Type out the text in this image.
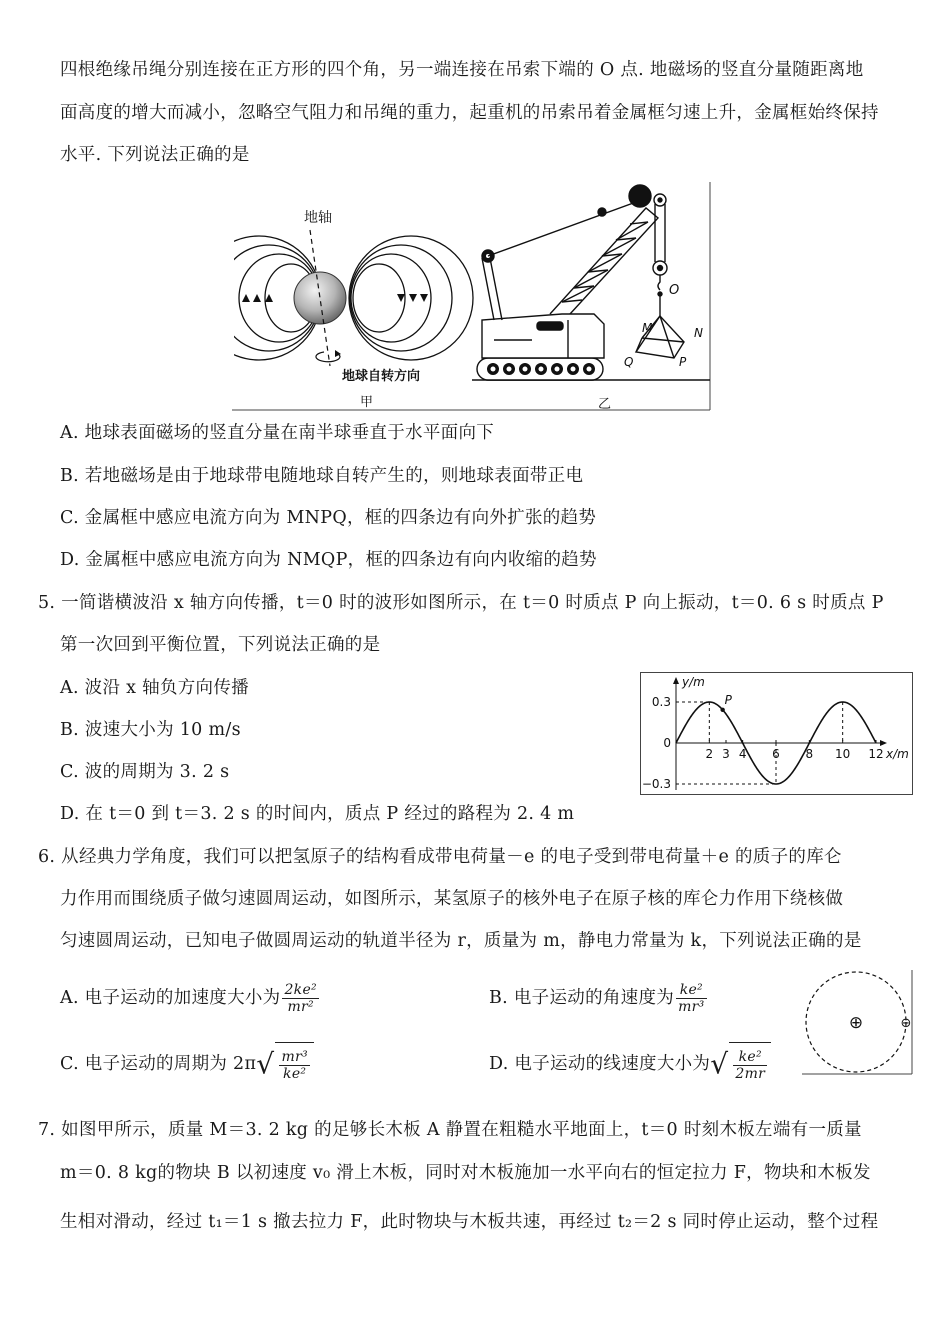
四根绝缘吊绳分别连接在正方形的四个角，另一端连接在吊索下端的 O 点. 地磁场的竖直分量随距离地
面高度的增大而减小，忽略空气阻力和吊绳的重力，起重机的吊索吊着金属框匀速上升，金属框始终保持
水平. 下列说法正确的是
地轴
地球自转方向
甲
O
M	N
Q	P
乙
A. 地球表面磁场的竖直分量在南半球垂直于水平面向下
B. 若地磁场是由于地球带电随地球自转产生的，则地球表面带正电
C. 金属框中感应电流方向为 MNPQ，框的四条边有向外扩张的趋势
D. 金属框中感应电流方向为 NMQP，框的四条边有向内收缩的趋势
5. 一简谐横波沿 x 轴方向传播，t＝0 时的波形如图所示，在 t＝0 时质点 P 向上振动，t＝0. 6 s 时质点 P
第一次回到平衡位置，下列说法正确的是
A. 波沿 x 轴负方向传播
B. 波速大小为 10 m/s
C. 波的周期为 3. 2 s
D. 在 t＝0 到 t＝3. 2 s 的时间内，质点 P 经过的路程为 2. 4 m
2 3 4 6 8 10 12
0.3
0
−0.3
y/m
x/m
P
6. 从经典力学角度，我们可以把氢原子的结构看成带电荷量－e 的电子受到带电荷量＋e 的质子的库仑
力作用而围绕质子做匀速圆周运动，如图所示，某氢原子的核外电子在原子核的库仑力作用下绕核做
匀速圆周运动，已知电子做圆周运动的轨道半径为 r，质量为 m，静电力常量为 k，下列说法正确的是
A. 电子运动的加速度大小为 $\frac{\text{2ke²}}{\text{mr²}}$	B. 电子运动的角速度为 $\frac{\text{ke²}}{\text{mr³}}$
C. 电子运动的周期为 $2\pi√ \frac{\text{mr³}}{\text{ke²}}$	D. 电子运动的线速度大小为√ $\frac{\text{ke²}}{2mr}$
⊕	⊖
7. 如图甲所示，质量 M＝3. 2 kg 的足够长木板 A 静置在粗糙水平地面上，t＝0 时刻木板左端有一质量
m＝0. 8 kg的物块 B 以初速度 v₀ 滑上木板，同时对木板施加一水平向右的恒定拉力 F，物块和木板发
生相对滑动，经过 t₁＝1 s 撤去拉力 F，此时物块与木板共速，再经过 t₂＝2 s 同时停止运动，整个过程
